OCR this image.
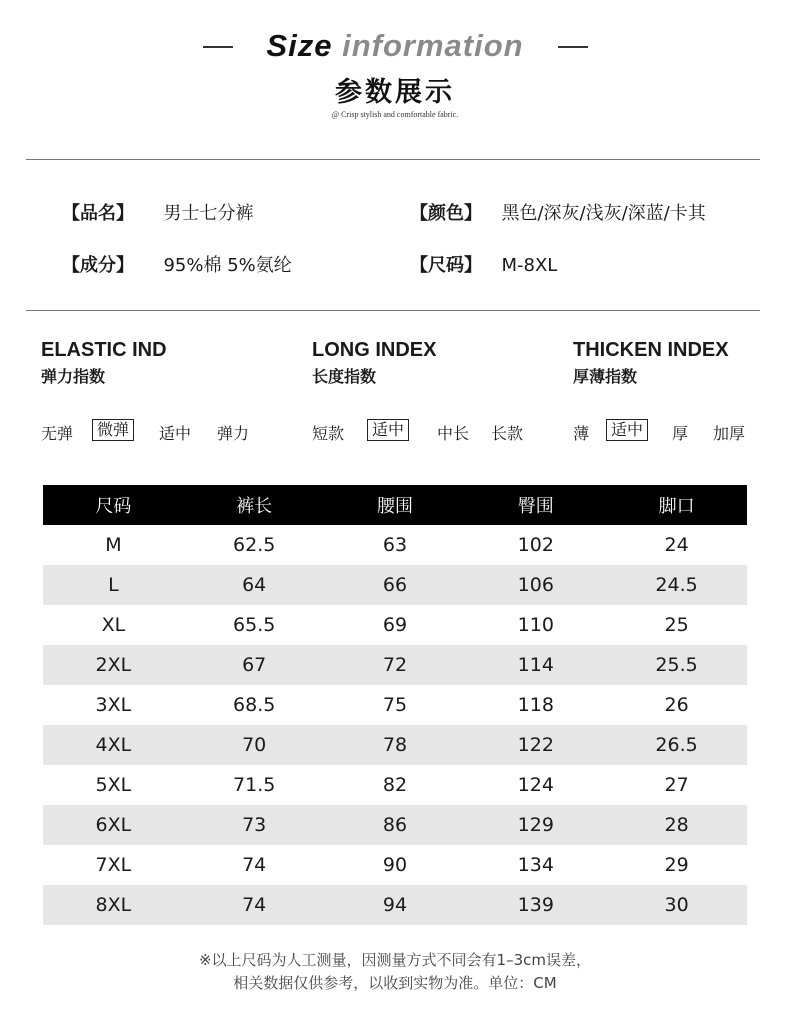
Size information
参数展示
@ Crisp stylish and comfortable fabric.
【品名】 男士七分裤	【颜色】 黑色/深灰/浅灰/深蓝/卡其
【成分】 95%棉 5%氨纶	【尺码】 M-8XL
ELASTIC IND
弹力指数
LONG INDEX
长度指数
THICKEN INDEX
厚薄指数
无弹	微弹	适中 弹力	短款	适中	中长 长款	薄	适中	厚 加厚
尺码	裤长	腰围	臀围	脚口
M	62.5	63	102	24
L	64	66	106	24.5
XL	65.5	69	110	25
2XL	67	72	114	25.5
3XL	68.5	75	118	26
4XL	70	78	122	26.5
5XL	71.5	82	124	27
6XL	73	86	129	28
7XL	74	90	134	29
8XL	74	94	139	30
※以上尺码为人工测量，因测量方式不同会有1–3cm误差，
相关数据仅供参考，以收到实物为准。单位：CM
